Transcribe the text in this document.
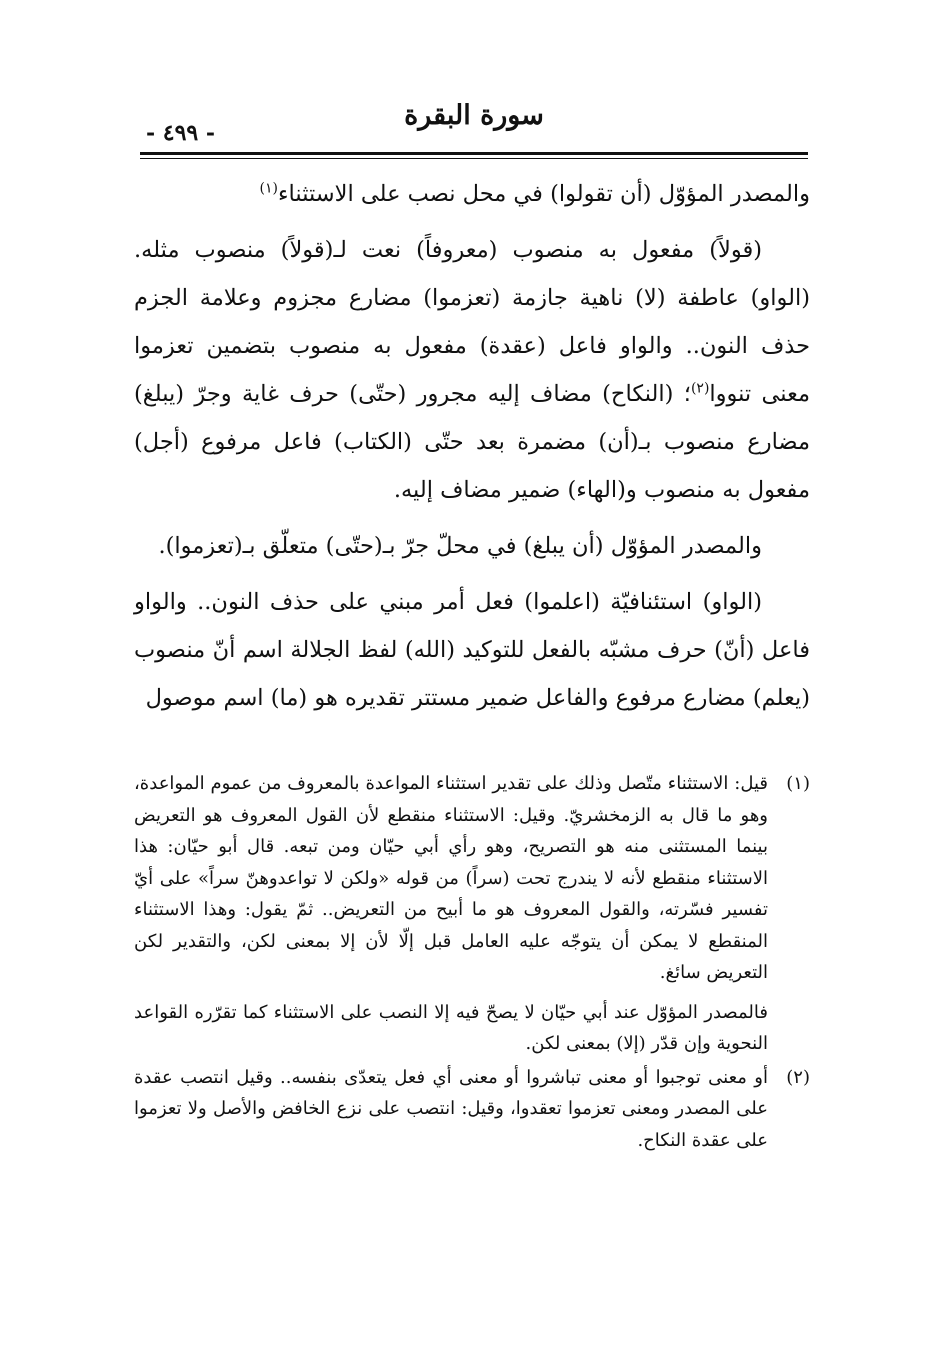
سورة البقرة
- ٤٩٩ -

والمصدر المؤوّل (أن تقولوا) في محل نصب على الاستثناء$^{(١)}$

(قولاً) مفعول به منصوب (معروفاً) نعت لـ(قولاً) منصوب مثله. (الواو) عاطفة (لا) ناهية جازمة (تعزموا) مضارع مجزوم وعلامة الجزم حذف النون.. والواو فاعل (عقدة) مفعول به منصوب بتضمين تعزموا معنى تنووا$^{(٢)}$؛ (النكاح) مضاف إليه مجرور (حتّى) حرف غاية وجرّ (يبلغ) مضارع منصوب بـ(أن) مضمرة بعد حتّى (الكتاب) فاعل مرفوع (أجل) مفعول به منصوب و(الهاء) ضمير مضاف إليه.

والمصدر المؤوّل (أن يبلغ) في محلّ جرّ بـ(حتّى) متعلّق بـ(تعزموا).

(الواو) استئنافيّة (اعلموا) فعل أمر مبني على حذف النون.. والواو فاعل (أنّ) حرف مشبّه بالفعل للتوكيد (الله) لفظ الجلالة اسم أنّ منصوب (يعلم) مضارع مرفوع والفاعل ضمير مستتر تقديره هو (ما) اسم موصول

(١)

قيل: الاستثناء متّصل وذلك على تقدير استثناء المواعدة بالمعروف من عموم المواعدة، وهو ما قال به الزمخشريّ. وقيل: الاستثناء منقطع لأن القول المعروف هو التعريض بينما المستثنى منه هو التصريح، وهو رأي أبي حيّان ومن تبعه. قال أبو حيّان: هذا الاستثناء منقطع لأنه لا يندرج تحت (سراً) من قوله «ولكن لا تواعدوهنّ سراً» على أيّ تفسير فسّرته، والقول المعروف هو ما أبيح من التعريض.. ثمّ يقول: وهذا الاستثناء المنقطع لا يمكن أن يتوجّه عليه العامل قبل إلّا لأن إلا بمعنى لكن، والتقدير لكن التعريض سائغ.

فالمصدر المؤوّل عند أبي حيّان لا يصحّ فيه إلا النصب على الاستثناء كما تقرّره القواعد النحوية وإن قدّر (إلا) بمعنى لكن.

(٢)

أو معنى توجبوا أو معنى تباشروا أو معنى أي فعل يتعدّى بنفسه.. وقيل انتصب عقدة على المصدر ومعنى تعزموا تعقدوا، وقيل: انتصب على نزع الخافض والأصل ولا تعزموا على عقدة النكاح.
